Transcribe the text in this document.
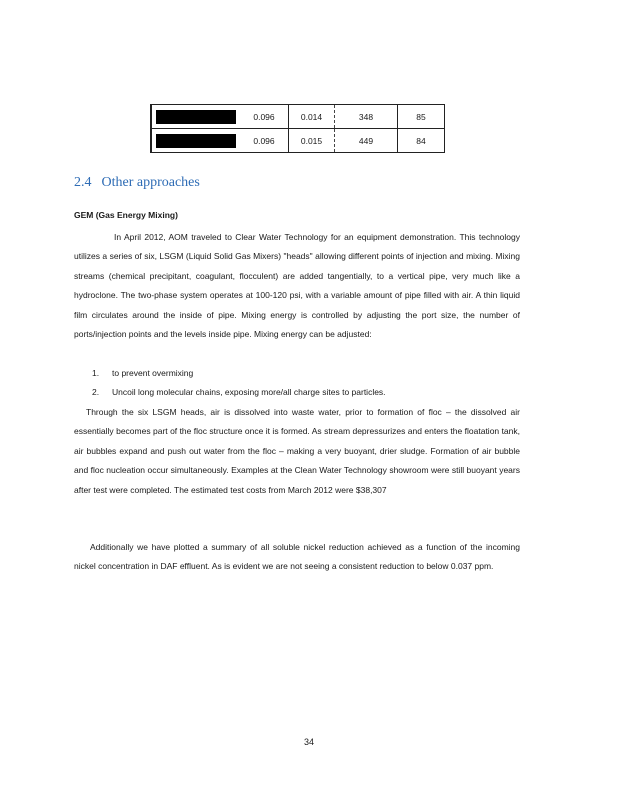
	0.096	0.014	348	85

	0.096	0.015	449	84
2.4 Other approaches

GEM (Gas Energy Mixing)

In April 2012, AOM traveled to Clear Water Technology for an equipment demonstration. This technology utilizes a series of six, LSGM (Liquid Solid Gas Mixers) "heads" allowing different points of injection and mixing. Mixing streams (chemical precipitant, coagulant, flocculent) are added tangentially, to a vertical pipe, very much like a hydroclone. The two-phase system operates at 100-120 psi, with a variable amount of pipe filled with air. A thin liquid film circulates around the inside of pipe. Mixing energy is controlled by adjusting the port size, the number of ports/injection points and the levels inside pipe. Mixing energy can be adjusted:

1. to prevent overmixing
2. Uncoil long molecular chains, exposing more/all charge sites to particles.

Through the six LSGM heads, air is dissolved into waste water, prior to formation of floc – the dissolved air essentially becomes part of the floc structure once it is formed. As stream depressurizes and enters the floatation tank, air bubbles expand and push out water from the floc – making a very buoyant, drier sludge. Formation of air bubble and floc nucleation occur simultaneously. Examples at the Clean Water Technology showroom were still buoyant years after test were completed. The estimated test costs from March 2012 were $38,307

Additionally we have plotted a summary of all soluble nickel reduction achieved as a function of the incoming nickel concentration in DAF effluent. As is evident we are not seeing a consistent reduction to below 0.037 ppm.

34
